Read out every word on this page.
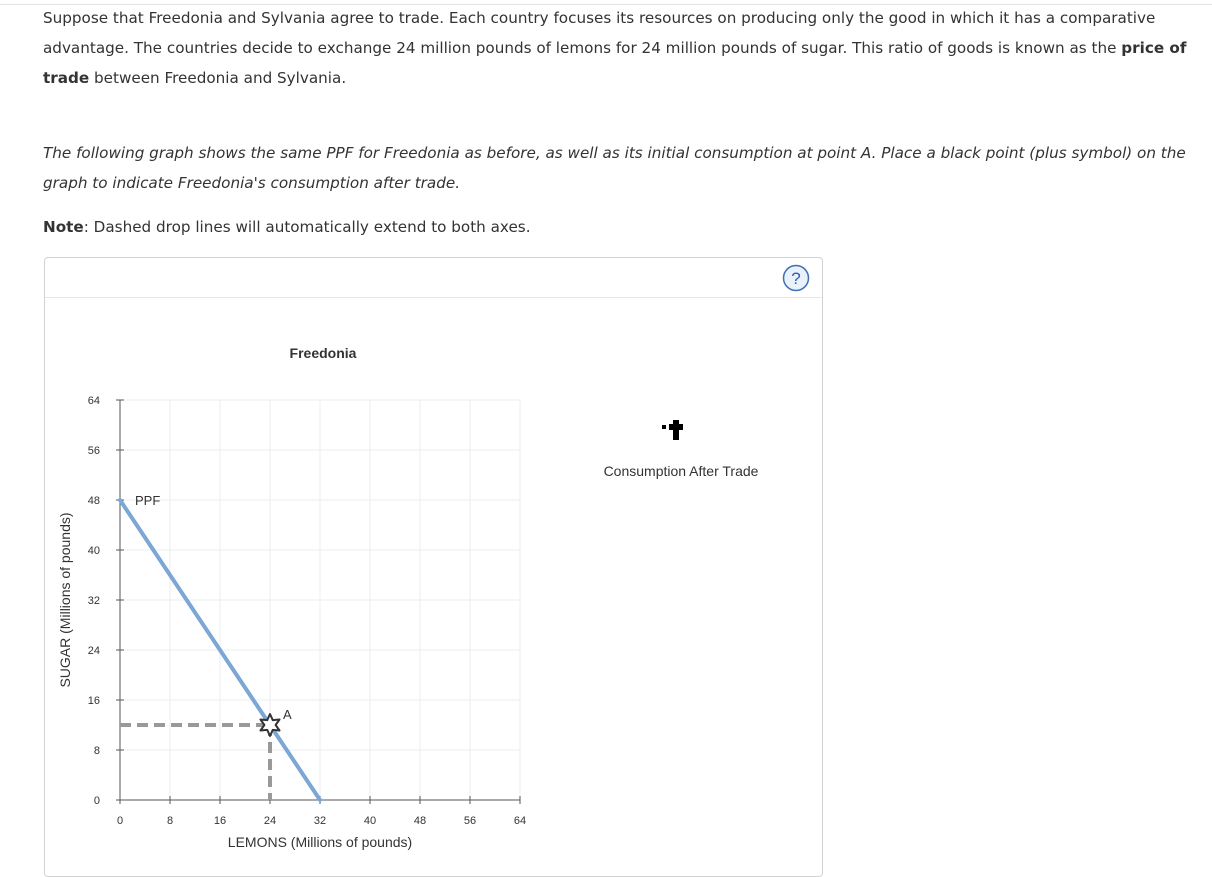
Suppose that Freedonia and Sylvania agree to trade. Each country focuses its resources on producing only the good in which it has a comparative advantage. The countries decide to exchange 24 million pounds of lemons for 24 million pounds of sugar. This ratio of goods is known as the price of trade between Freedonia and Sylvania.

The following graph shows the same PPF for Freedonia as before, as well as its initial consumption at point A. Place a black point (plus symbol) on the graph to indicate Freedonia's consumption after trade.

Note: Dashed drop lines will automatically extend to both axes.

?
Freedonia
0	8	16	24	32	40	48	56	64
0
8
16
24
32
40
48
56
64
PPF
A
LEMONS (Millions of pounds)
SUGAR (Millions of pounds)
Consumption After Trade
